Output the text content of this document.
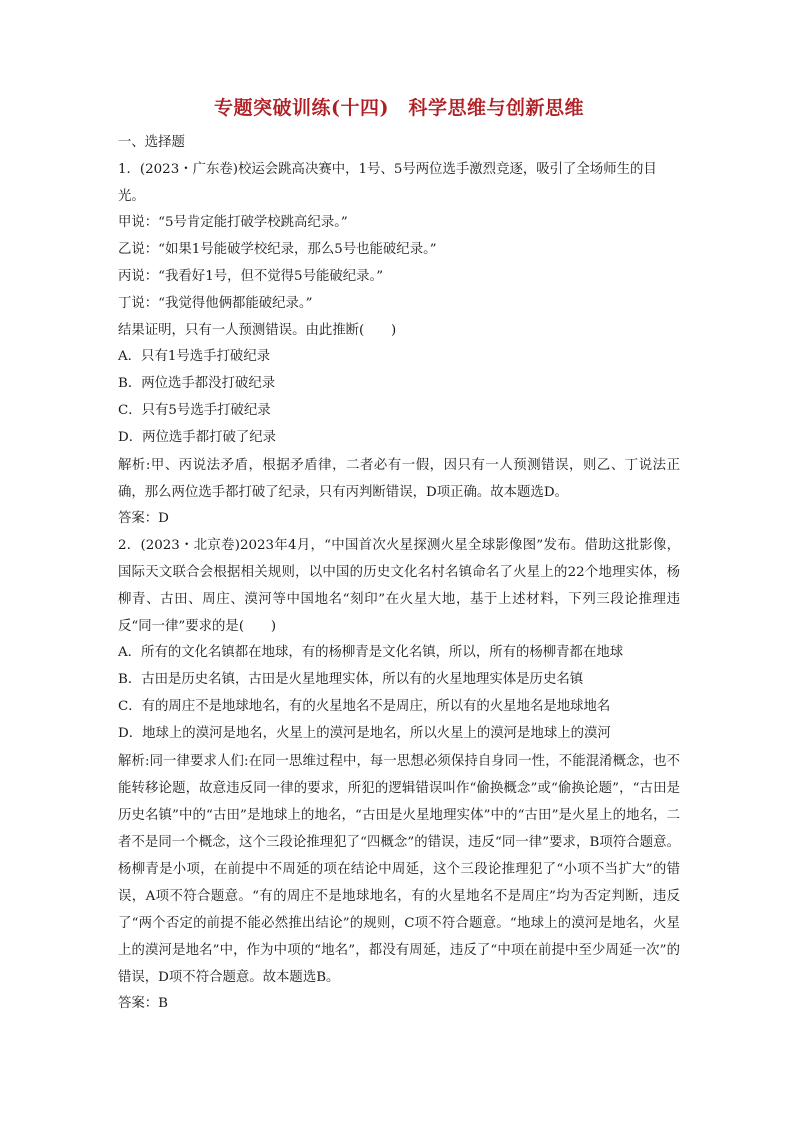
专题突破训练(十四)　科学思维与创新思维

一、选择题

1．(2023・广东卷)校运会跳高决赛中，1号、5号两位选手激烈竞逐，吸引了全场师生的目

光。

甲说：“5号肯定能打破学校跳高纪录。”

乙说：“如果1号能破学校纪录，那么5号也能破纪录。”

丙说：“我看好1号，但不觉得5号能破纪录。”

丁说：“我觉得他俩都能破纪录。”

结果证明，只有一人预测错误。由此推断(　　)

A．只有1号选手打破纪录

B．两位选手都没打破纪录

C．只有5号选手打破纪录

D．两位选手都打破了纪录

解析:甲、丙说法矛盾，根据矛盾律，二者必有一假，因只有一人预测错误，则乙、丁说法正确，那么两位选手都打破了纪录，只有丙判断错误，D项正确。故本题选D。

答案：D

2．(2023・北京卷)2023年4月，“中国首次火星探测火星全球影像图”发布。借助这批影像，国际天文联合会根据相关规则，以中国的历史文化名村名镇命名了火星上的22个地理实体，杨柳青、古田、周庄、漠河等中国地名“刻印”在火星大地，基于上述材料，下列三段论推理违反“同一律”要求的是(　　)

A．所有的文化名镇都在地球，有的杨柳青是文化名镇，所以，所有的杨柳青都在地球

B．古田是历史名镇，古田是火星地理实体，所以有的火星地理实体是历史名镇

C．有的周庄不是地球地名，有的火星地名不是周庄，所以有的火星地名是地球地名

D．地球上的漠河是地名，火星上的漠河是地名，所以火星上的漠河是地球上的漠河

解析:同一律要求人们:在同一思维过程中，每一思想必须保持自身同一性，不能混淆概念，也不能转移论题，故意违反同一律的要求，所犯的逻辑错误叫作“偷换概念”或“偷换论题”，“古田是历史名镇”中的“古田”是地球上的地名，“古田是火星地理实体”中的“古田”是火星上的地名，二者不是同一个概念，这个三段论推理犯了“四概念”的错误，违反“同一律”要求，B项符合题意。杨柳青是小项，在前提中不周延的项在结论中周延，这个三段论推理犯了“小项不当扩大”的错误，A项不符合题意。“有的周庄不是地球地名，有的火星地名不是周庄”均为否定判断，违反了“两个否定的前提不能必然推出结论”的规则，C项不符合题意。“地球上的漠河是地名，火星上的漠河是地名”中，作为中项的“地名”，都没有周延，违反了“中项在前提中至少周延一次”的错误，D项不符合题意。故本题选B。

答案：B
